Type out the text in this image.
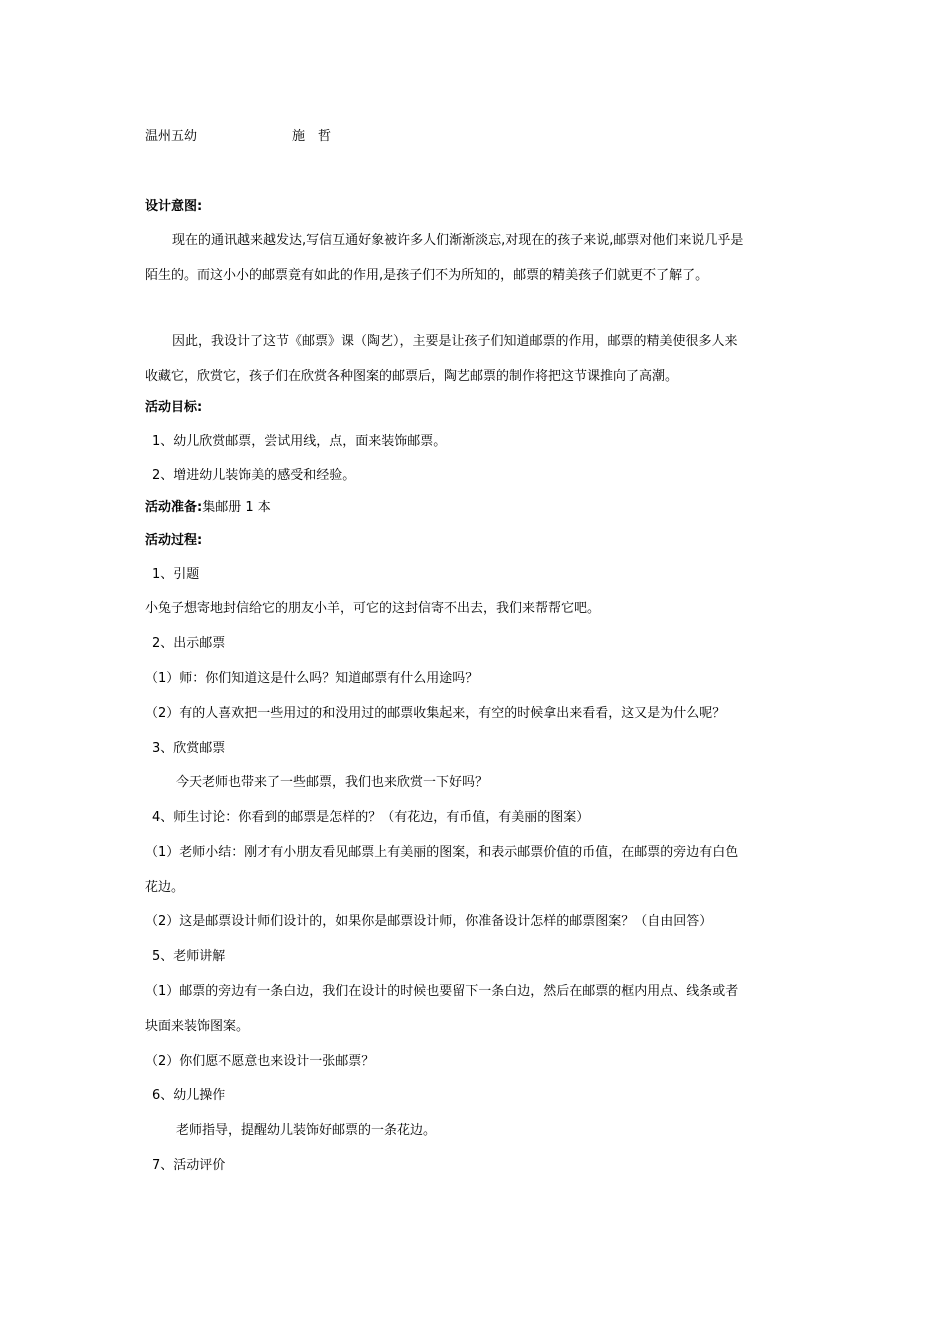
温州五幼	施　哲
设计意图:
现在的通讯越来越发达,写信互通好象被许多人们渐渐淡忘,对现在的孩子来说,邮票对他们来说几乎是
陌生的。而这小小的邮票竟有如此的作用,是孩子们不为所知的，邮票的精美孩子们就更不了解了。
因此，我设计了这节《邮票》课（陶艺），主要是让孩子们知道邮票的作用，邮票的精美使很多人来
收藏它，欣赏它，孩子们在欣赏各种图案的邮票后，陶艺邮票的制作将把这节课推向了高潮。
活动目标:
1、幼儿欣赏邮票，尝试用线，点，面来装饰邮票。
2、增进幼儿装饰美的感受和经验。
活动准备:集邮册 1 本
活动过程:
1、引题
小兔子想寄地封信给它的朋友小羊，可它的这封信寄不出去，我们来帮帮它吧。
2、出示邮票
（1）师：你们知道这是什么吗？知道邮票有什么用途吗？
（2）有的人喜欢把一些用过的和没用过的邮票收集起来，有空的时候拿出来看看，这又是为什么呢？
3、欣赏邮票
今天老师也带来了一些邮票，我们也来欣赏一下好吗？
4、师生讨论：你看到的邮票是怎样的？（有花边，有币值，有美丽的图案）
（1）老师小结：刚才有小朋友看见邮票上有美丽的图案，和表示邮票价值的币值，在邮票的旁边有白色
花边。
（2）这是邮票设计师们设计的，如果你是邮票设计师，你准备设计怎样的邮票图案？（自由回答）
5、老师讲解
（1）邮票的旁边有一条白边，我们在设计的时候也要留下一条白边，然后在邮票的框内用点、线条或者
块面来装饰图案。
（2）你们愿不愿意也来设计一张邮票？
6、幼儿操作
老师指导，提醒幼儿装饰好邮票的一条花边。
7、活动评价
